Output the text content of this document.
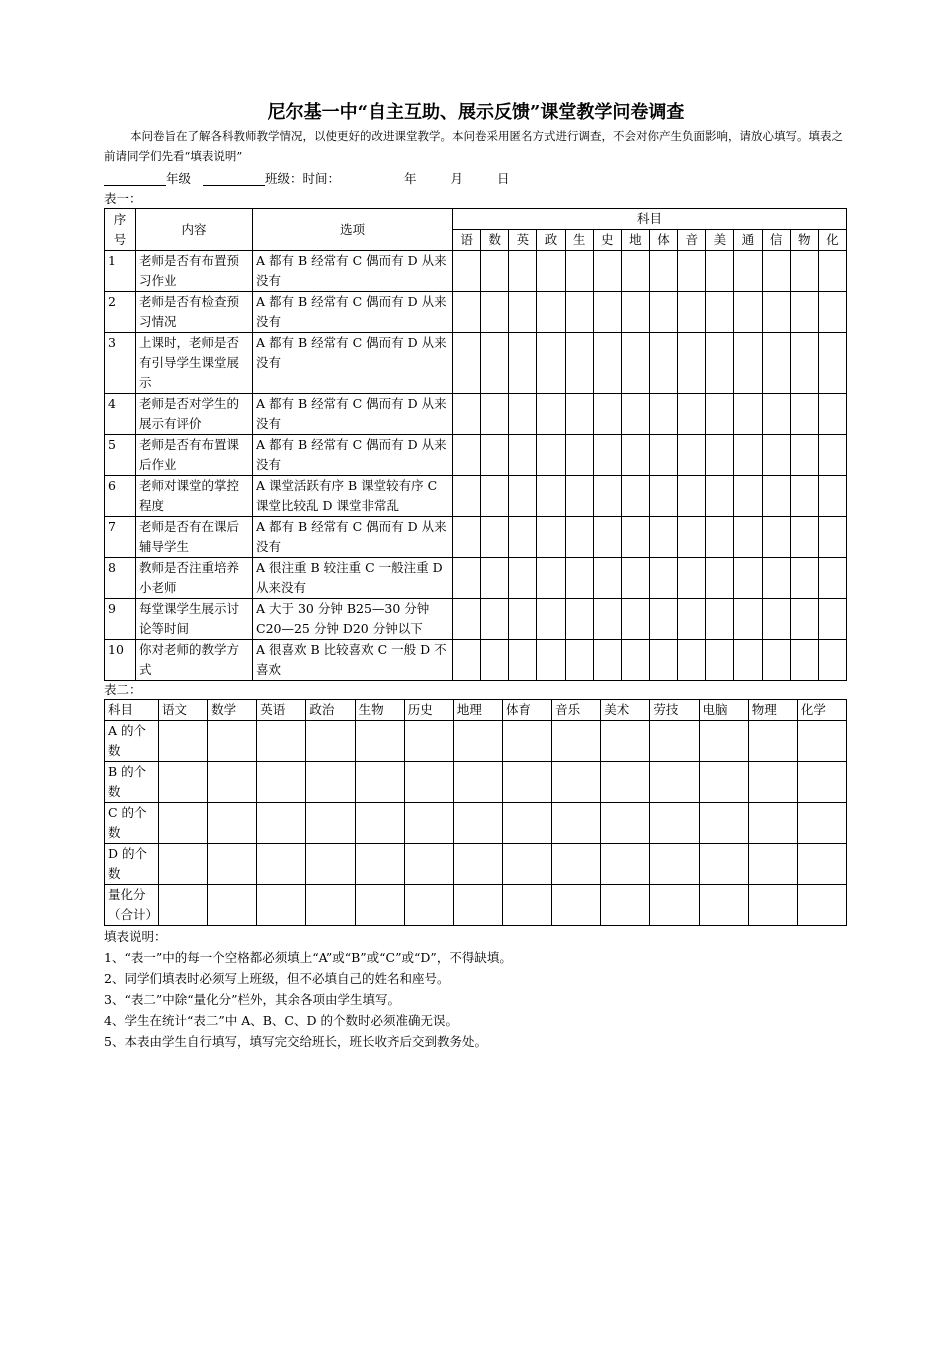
尼尔基一中“自主互助、展示反馈”课堂教学问卷调查

本问卷旨在了解各科教师教学情况，以使更好的改进课堂教学。本问卷采用匿名方式进行调查，不会对你产生负面影响，请放心填写。填表之前请同学们先看“填表说明”

年级	班级：时间：	年	月	日
表一：
序号	内容	选项	科目													
			语	数	英	政	生	史	地	体	音	美	通	信	物	化
1	老师是否有布置预习作业	A 都有 B 经常有 C 偶而有 D 从来没有														
2	老师是否有检查预习情况	A 都有 B 经常有 C 偶而有 D 从来没有														
3	上课时，老师是否有引导学生课堂展示	A 都有 B 经常有 C 偶而有 D 从来没有														
4	老师是否对学生的展示有评价	A 都有 B 经常有 C 偶而有 D 从来没有														
5	老师是否有布置课后作业	A 都有 B 经常有 C 偶而有 D 从来没有														
6	老师对课堂的掌控程度	A 课堂活跃有序 B 课堂较有序 C 课堂比较乱 D 课堂非常乱														
7	老师是否有在课后辅导学生	A 都有 B 经常有 C 偶而有 D 从来没有														
8	教师是否注重培养小老师	A 很注重 B 较注重 C 一般注重 D 从来没有														
9	每堂课学生展示讨论等时间	A 大于 30 分钟 B25—30 分钟 C20—25 分钟 D20 分钟以下														
10	你对老师的教学方式	A 很喜欢 B 比较喜欢 C 一般 D 不喜欢														
表二：
科目	语文	数学	英语	政治	生物	历史	地理	体育	音乐	美术	劳技	电脑	物理	化学
A 的个数														
B 的个数														
C 的个数														
D 的个数														
量化分（合计）														

填表说明：

1、“表一”中的每一个空格都必须填上“A”或“B”或“C”或“D”，不得缺填。

2、同学们填表时必须写上班级，但不必填自己的姓名和座号。

3、“表二”中除“量化分”栏外，其余各项由学生填写。

4、学生在统计“表二”中 A、B、C、D 的个数时必须准确无误。

5、本表由学生自行填写，填写完交给班长，班长收齐后交到教务处。
